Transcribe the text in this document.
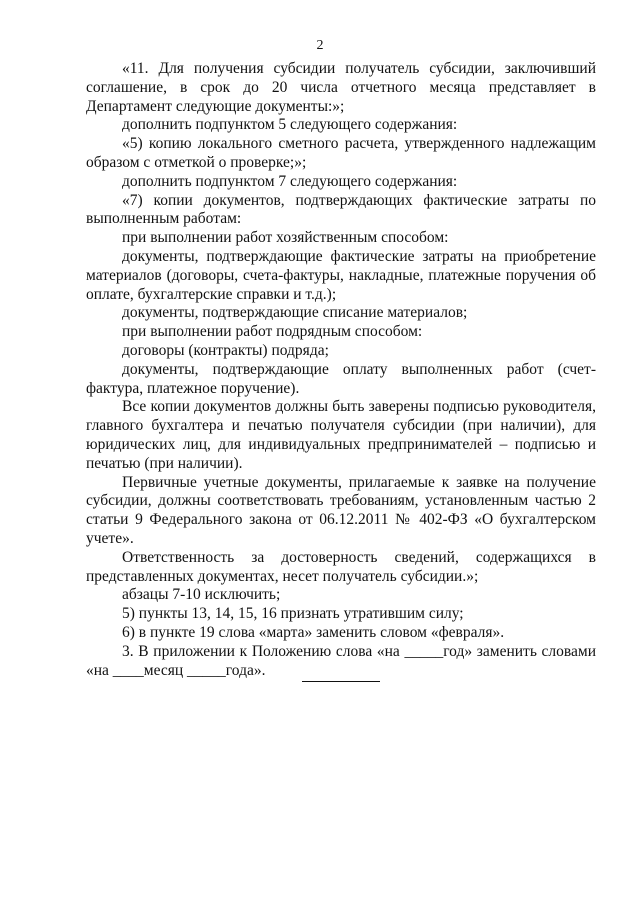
2

«11. Для получения субсидии получатель субсидии, заключивший соглашение, в срок до 20 числа отчетного месяца представляет в Департамент следующие документы:»;

дополнить подпунктом 5 следующего содержания:

«5) копию локального сметного расчета, утвержденного надлежащим образом с отметкой о проверке;»;

дополнить подпунктом 7 следующего содержания:

«7) копии документов, подтверждающих фактические затраты по выполненным работам:

при выполнении работ хозяйственным способом:

документы, подтверждающие фактические затраты на приобретение материалов (договоры, счета-фактуры, накладные, платежные поручения об оплате, бухгалтерские справки и т.д.);

документы, подтверждающие списание материалов;

при выполнении работ подрядным способом:

договоры (контракты) подряда;

документы, подтверждающие оплату выполненных работ (счет-фактура, платежное поручение).

Все копии документов должны быть заверены подписью руководителя, главного бухгалтера и печатью получателя субсидии (при наличии), для юридических лиц, для индивидуальных предпринимателей – подписью и печатью (при наличии).

Первичные учетные документы, прилагаемые к заявке на получение субсидии, должны соответствовать требованиям, установленным частью 2 статьи 9 Федерального закона от 06.12.2011 № 402-ФЗ «О бухгалтерском учете».

Ответственность за достоверность сведений, содержащихся в представленных документах, несет получатель субсидии.»;

абзацы 7-10 исключить;

5) пункты 13, 14, 15, 16 признать утратившим силу;

6) в пункте 19 слова «марта» заменить словом «февраля».

3. В приложении к Положению слова «на _____год» заменить словами «на ____месяц _____года».
